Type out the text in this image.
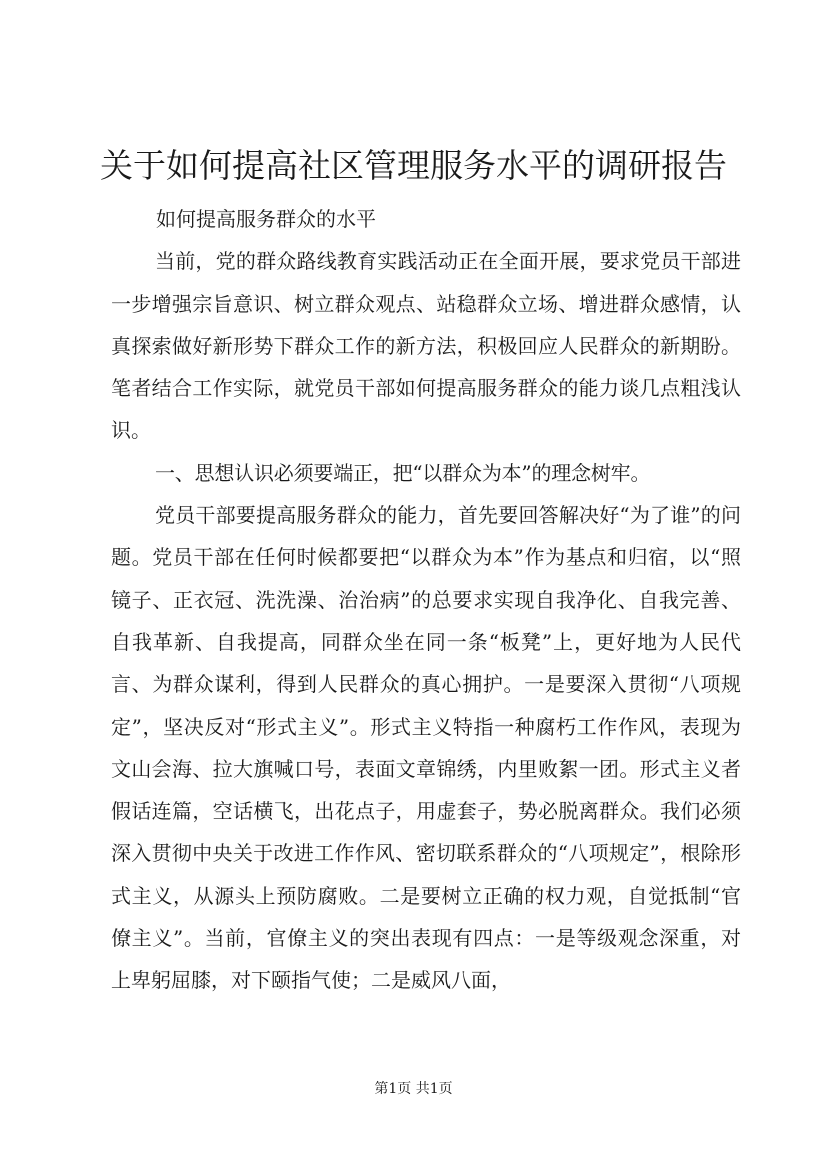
关于如何提高社区管理服务水平的调研报告

如何提高服务群众的水平

当前，党的群众路线教育实践活动正在全面开展，要求党员干部进一步增强宗旨意识、树立群众观点、站稳群众立场、增进群众感情，认真探索做好新形势下群众工作的新方法，积极回应人民群众的新期盼。笔者结合工作实际，就党员干部如何提高服务群众的能力谈几点粗浅认识。

一、思想认识必须要端正，把“以群众为本”的理念树牢。

党员干部要提高服务群众的能力，首先要回答解决好“为了谁”的问题。党员干部在任何时候都要把“以群众为本”作为基点和归宿，以“照镜子、正衣冠、洗洗澡、治治病”的总要求实现自我净化、自我完善、自我革新、自我提高，同群众坐在同一条“板凳”上，更好地为人民代言、为群众谋利，得到人民群众的真心拥护。一是要深入贯彻“八项规定”，坚决反对“形式主义”。形式主义特指一种腐朽工作作风，表现为文山会海、拉大旗喊口号，表面文章锦绣，内里败絮一团。形式主义者假话连篇，空话横飞，出花点子，用虚套子，势必脱离群众。我们必须深入贯彻中央关于改进工作作风、密切联系群众的“八项规定”，根除形式主义，从源头上预防腐败。二是要树立正确的权力观，自觉抵制“官僚主义”。当前，官僚主义的突出表现有四点：一是等级观念深重，对上卑躬屈膝，对下颐指气使；二是威风八面，

第1页 共1页
